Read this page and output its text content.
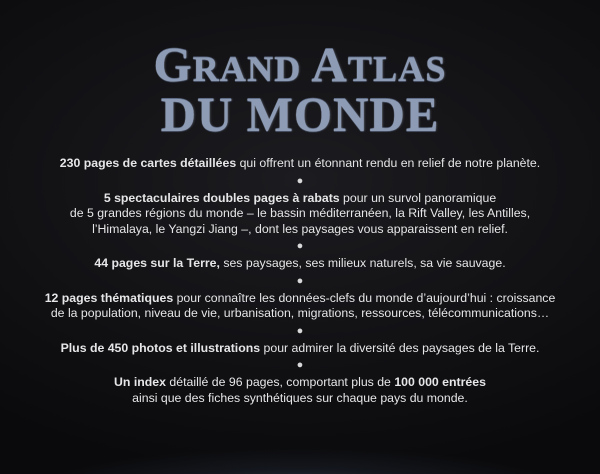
GRAND ATLAS
DU MONDE

230 pages de cartes détaillées qui offrent un étonnant rendu en relief de notre planète.

●

5 spectaculaires doubles pages à rabats pour un survol panoramique
de 5 grandes régions du monde – le bassin méditerranéen, la Rift Valley, les Antilles,
l’Himalaya, le Yangzi Jiang –, dont les paysages vous apparaissent en relief.

●

44 pages sur la Terre, ses paysages, ses milieux naturels, sa vie sauvage.

●

12 pages thématiques pour connaître les données-clefs du monde d’aujourd’hui : croissance
de la population, niveau de vie, urbanisation, migrations, ressources, télécommunications…

●

Plus de 450 photos et illustrations pour admirer la diversité des paysages de la Terre.

●

Un index détaillé de 96 pages, comportant plus de 100 000 entrées
ainsi que des fiches synthétiques sur chaque pays du monde.
